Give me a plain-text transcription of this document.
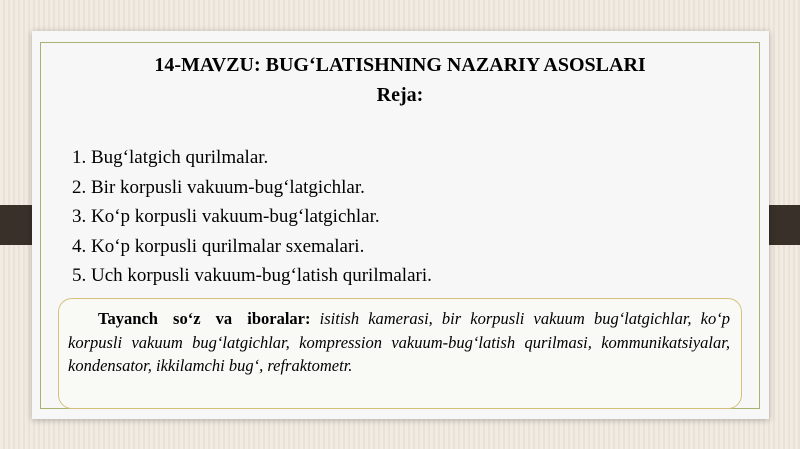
14-MAVZU: BUG‘LATISHNING NAZARIY ASOSLARI
Reja:
1. Bug‘latgich qurilmalar.
2. Bir korpusli vakuum-bug‘latgichlar.
3. Ko‘p korpusli vakuum-bug‘latgichlar.
4. Ko‘p korpusli qurilmalar sxemalari.
5. Uch korpusli vakuum-bug‘latish qurilmalari.
Tayanch so‘z va iboralar: isitish kamerasi, bir korpusli vakuum bug‘latgichlar, ko‘p korpusli vakuum bug‘latgichlar, kompression vakuum-bug‘latish qurilmasi, kommunikatsiyalar, kondensator, ikkilamchi bug‘, refraktometr.
